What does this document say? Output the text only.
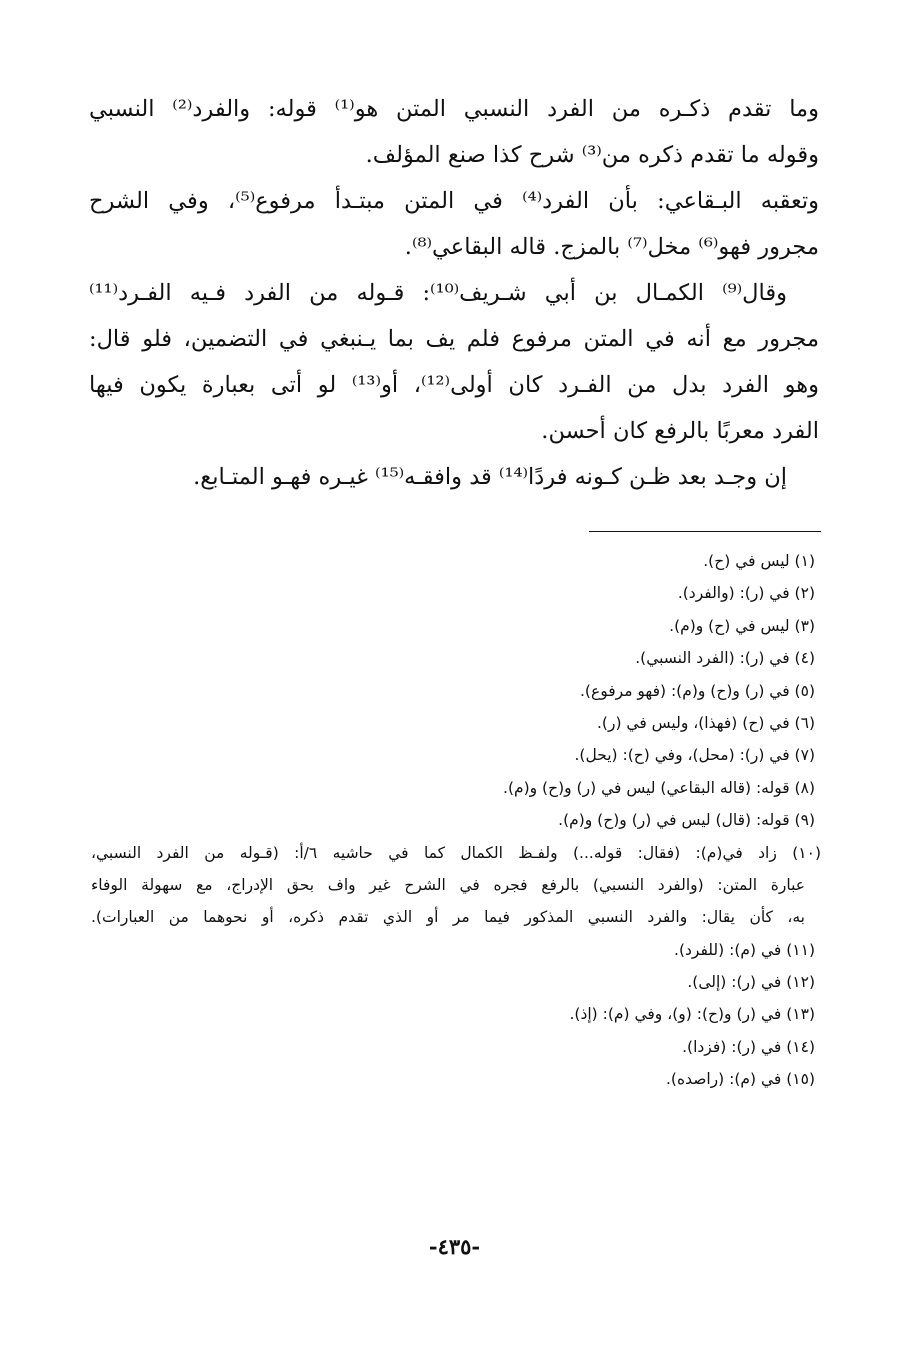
وما تقدم ذكـره من الفرد النسبي المتن هو⁽¹⁾ قوله: والفرد⁽²⁾ النسبي
وقوله ما تقدم ذكره من⁽³⁾ شرح كذا صنع المؤلف.
وتعقبه البـقاعي: بأن الفرد⁽⁴⁾ في المتن مبتـدأ مرفوع⁽⁵⁾، وفي الشرح
مجرور فهو⁽⁶⁾ مخل⁽⁷⁾ بالمزج. قاله البقاعي⁽⁸⁾.
وقال⁽⁹⁾ الكمـال بن أبي شـريف⁽¹⁰⁾: قـوله من الفرد فـيه الفـرد⁽¹¹⁾
مجرور مع أنه في المتن مرفوع فلم يف بما يـنبغي في التضمين، فلو قال:
وهو الفرد بدل من الفـرد كان أولى⁽¹²⁾، أو⁽¹³⁾ لو أتى بعبارة يكون فيها
الفرد معربًا بالرفع كان أحسن.
إن وجـد بعد ظـن كـونه فردًا⁽¹⁴⁾ قد وافقـه⁽¹⁵⁾ غيـره فهـو المتـابع.
(١) ليس في (ح).
(٢) في (ر): (والفرد).
(٣) ليس في (ح) و(م).
(٤) في (ر): (الفرد النسبي).
(٥) في (ر) و(ح) و(م): (فهو مرفوع).
(٦) في (ح) (فهذا)، وليس في (ر).
(٧) في (ر): (محل)، وفي (ح): (يحل).
(٨) قوله: (قاله البقاعي) ليس في (ر) و(ح) و(م).
(٩) قوله: (قال) ليس في (ر) و(ح) و(م).
(١٠) زاد في(م): (فقال: قوله...) ولفـظ الكمال كما في حاشيه ٦/أ: (قـوله من الفرد النسبي،
عبارة المتن: (والفرد النسبي) بالرفع فجره في الشرح غير واف بحق الإدراج، مع سهولة الوفاء
به، كأن يقال: والفرد النسبي المذكور فيما مر أو الذي تقدم ذكره، أو نحوهما من العبارات).
(١١) في (م): (للفرد).
(١٢) في (ر): (إلى).
(١٣) في (ر) و(ح): (و)، وفي (م): (إذ).
(١٤) في (ر): (فزدا).
(١٥) في (م): (راصده).
-٤٣٥-
